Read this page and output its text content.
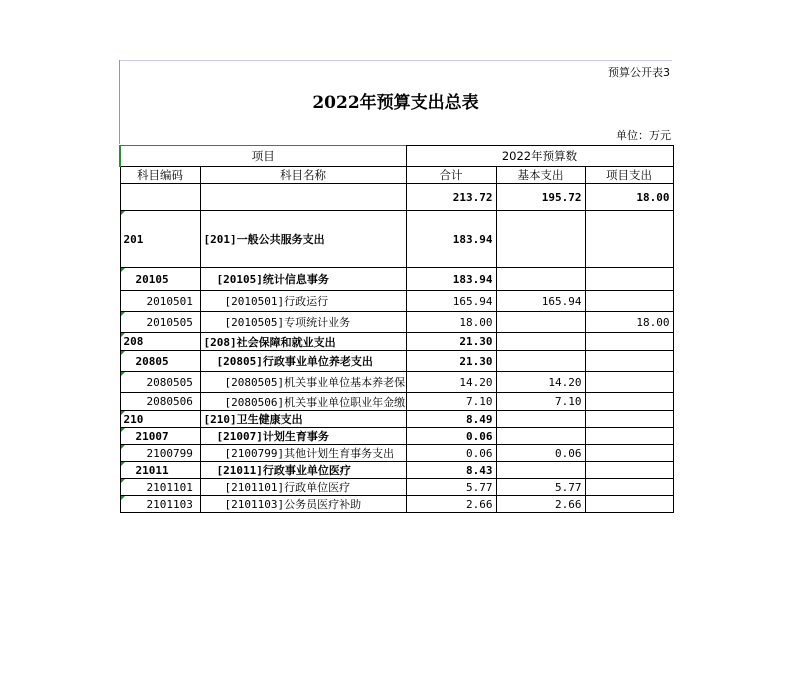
预算公开表3
2022年预算支出总表
单位：万元
项目		2022年预算数		
科目编码	科目名称	合计	基本支出	项目支出
		213.72	195.72	18.00

201	[201]一般公共服务支出	183.94		

20105	[20105]统计信息事务	183.94		
2010501	[2010501]行政运行	165.94	165.94	

2010505	[2010505]专项统计业务	18.00		18.00

208	[208]社会保障和就业支出	21.30		

20805	[20805]行政事业单位养老支出	21.30		

2080505	[2080505]机关事业单位基本养老保	14.20	14.20	
2080506	[2080506]机关事业单位职业年金缴	7.10	7.10	

210	[210]卫生健康支出	8.49		

21007	[21007]计划生育事务	0.06		

2100799	[2100799]其他计划生育事务支出	0.06	0.06	

21011	[21011]行政事业单位医疗	8.43		

2101101	[2101101]行政单位医疗	5.77	5.77	

2101103	[2101103]公务员医疗补助	2.66	2.66	
